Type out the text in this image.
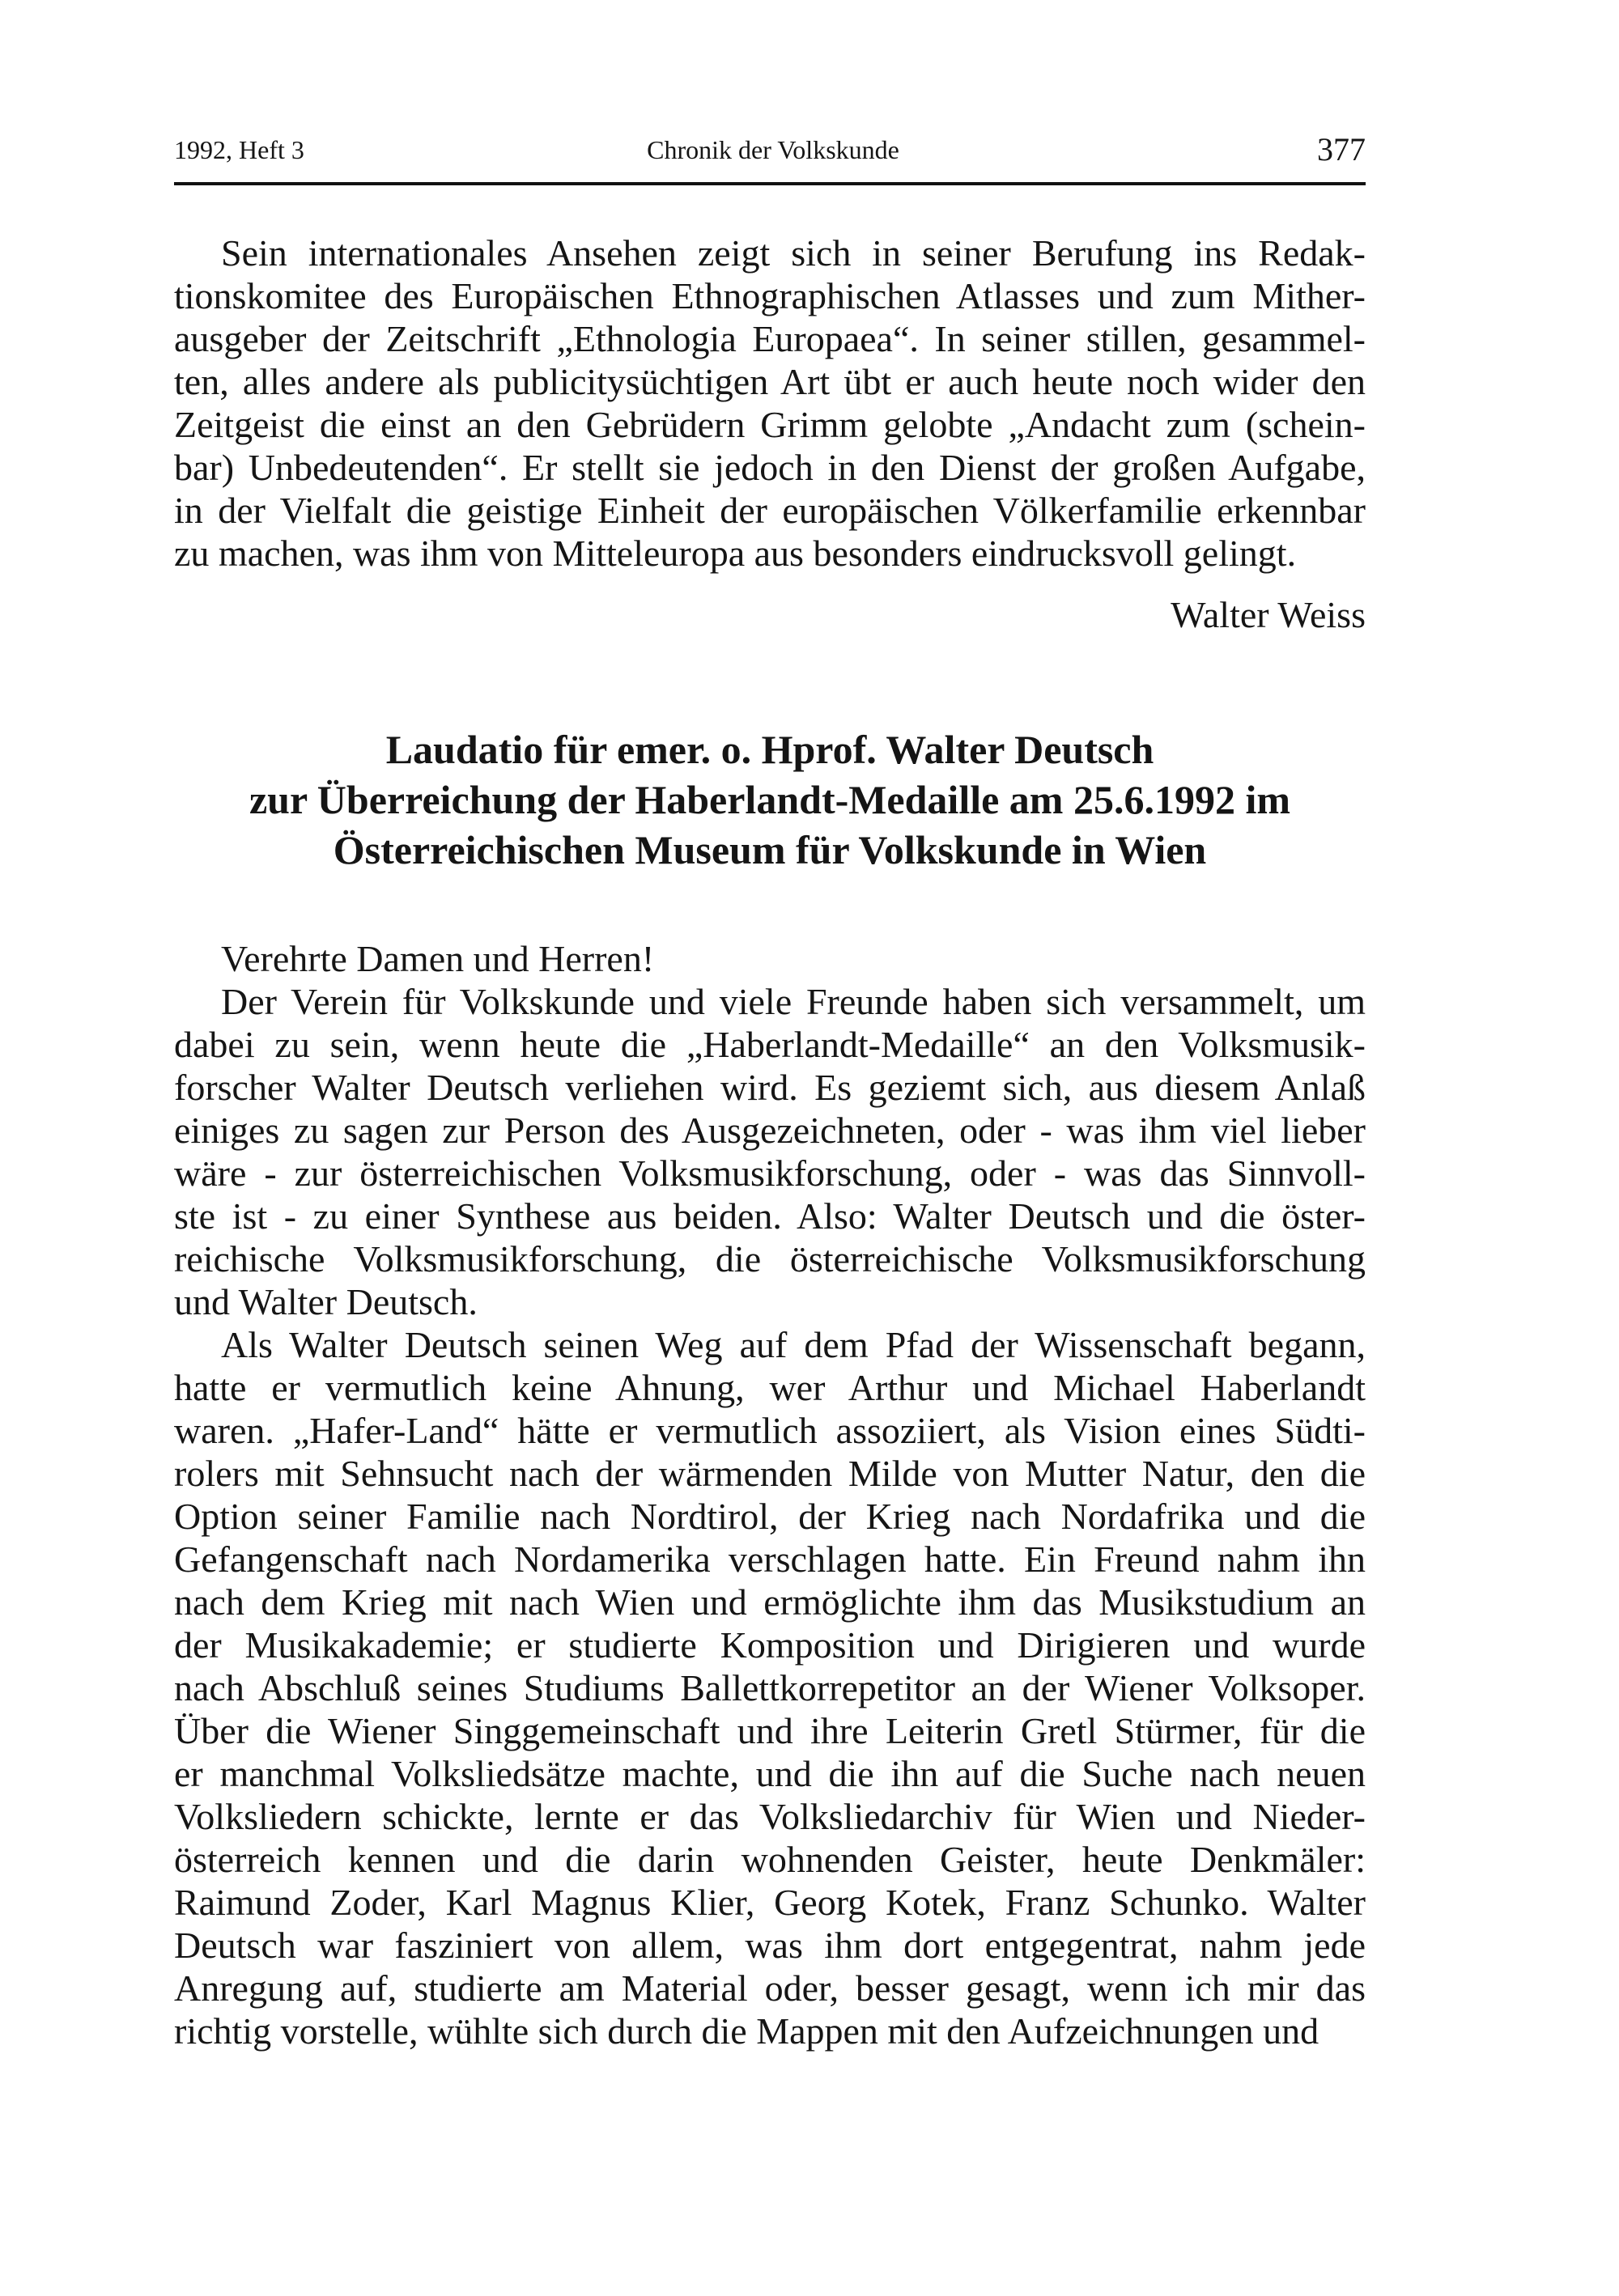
1992, Heft 3	Chronik der Volkskunde	377
Sein internationales Ansehen zeigt sich in seiner Berufung ins Redak-
tionskomitee des Europäischen Ethnographischen Atlasses und zum Mither-
ausgeber der Zeitschrift „Ethnologia Europaea“. In seiner stillen, gesammel-
ten, alles andere als publicitysüchtigen Art übt er auch heute noch wider den
Zeitgeist die einst an den Gebrüdern Grimm gelobte „Andacht zum (schein-
bar) Unbedeutenden“. Er stellt sie jedoch in den Dienst der großen Aufgabe,
in der Vielfalt die geistige Einheit der europäischen Völkerfamilie erkennbar
zu machen, was ihm von Mitteleuropa aus besonders eindrucksvoll gelingt.
Walter Weiss
Laudatio für emer. o. Hprof. Walter Deutsch
zur Überreichung der Haberlandt-Medaille am 25.6.1992 im
Österreichischen Museum für Volkskunde in Wien
Verehrte Damen und Herren!
Der Verein für Volkskunde und viele Freunde haben sich versammelt, um
dabei zu sein, wenn heute die „Haberlandt-Medaille“ an den Volksmusik-
forscher Walter Deutsch verliehen wird. Es geziemt sich, aus diesem Anlaß
einiges zu sagen zur Person des Ausgezeichneten, oder - was ihm viel lieber
wäre - zur österreichischen Volksmusikforschung, oder - was das Sinnvoll-
ste ist - zu einer Synthese aus beiden. Also: Walter Deutsch und die öster-
reichische Volksmusikforschung, die österreichische Volksmusikforschung
und Walter Deutsch.
Als Walter Deutsch seinen Weg auf dem Pfad der Wissenschaft begann,
hatte er vermutlich keine Ahnung, wer Arthur und Michael Haberlandt
waren. „Hafer-Land“ hätte er vermutlich assoziiert, als Vision eines Südti-
rolers mit Sehnsucht nach der wärmenden Milde von Mutter Natur, den die
Option seiner Familie nach Nordtirol, der Krieg nach Nordafrika und die
Gefangenschaft nach Nordamerika verschlagen hatte. Ein Freund nahm ihn
nach dem Krieg mit nach Wien und ermöglichte ihm das Musikstudium an
der Musikakademie; er studierte Komposition und Dirigieren und wurde
nach Abschluß seines Studiums Ballettkorrepetitor an der Wiener Volksoper.
Über die Wiener Singgemeinschaft und ihre Leiterin Gretl Stürmer, für die
er manchmal Volksliedsätze machte, und die ihn auf die Suche nach neuen
Volksliedern schickte, lernte er das Volksliedarchiv für Wien und Nieder-
österreich kennen und die darin wohnenden Geister, heute Denkmäler:
Raimund Zoder, Karl Magnus Klier, Georg Kotek, Franz Schunko. Walter
Deutsch war fasziniert von allem, was ihm dort entgegentrat, nahm jede
Anregung auf, studierte am Material oder, besser gesagt, wenn ich mir das
richtig vorstelle, wühlte sich durch die Mappen mit den Aufzeichnungen und
